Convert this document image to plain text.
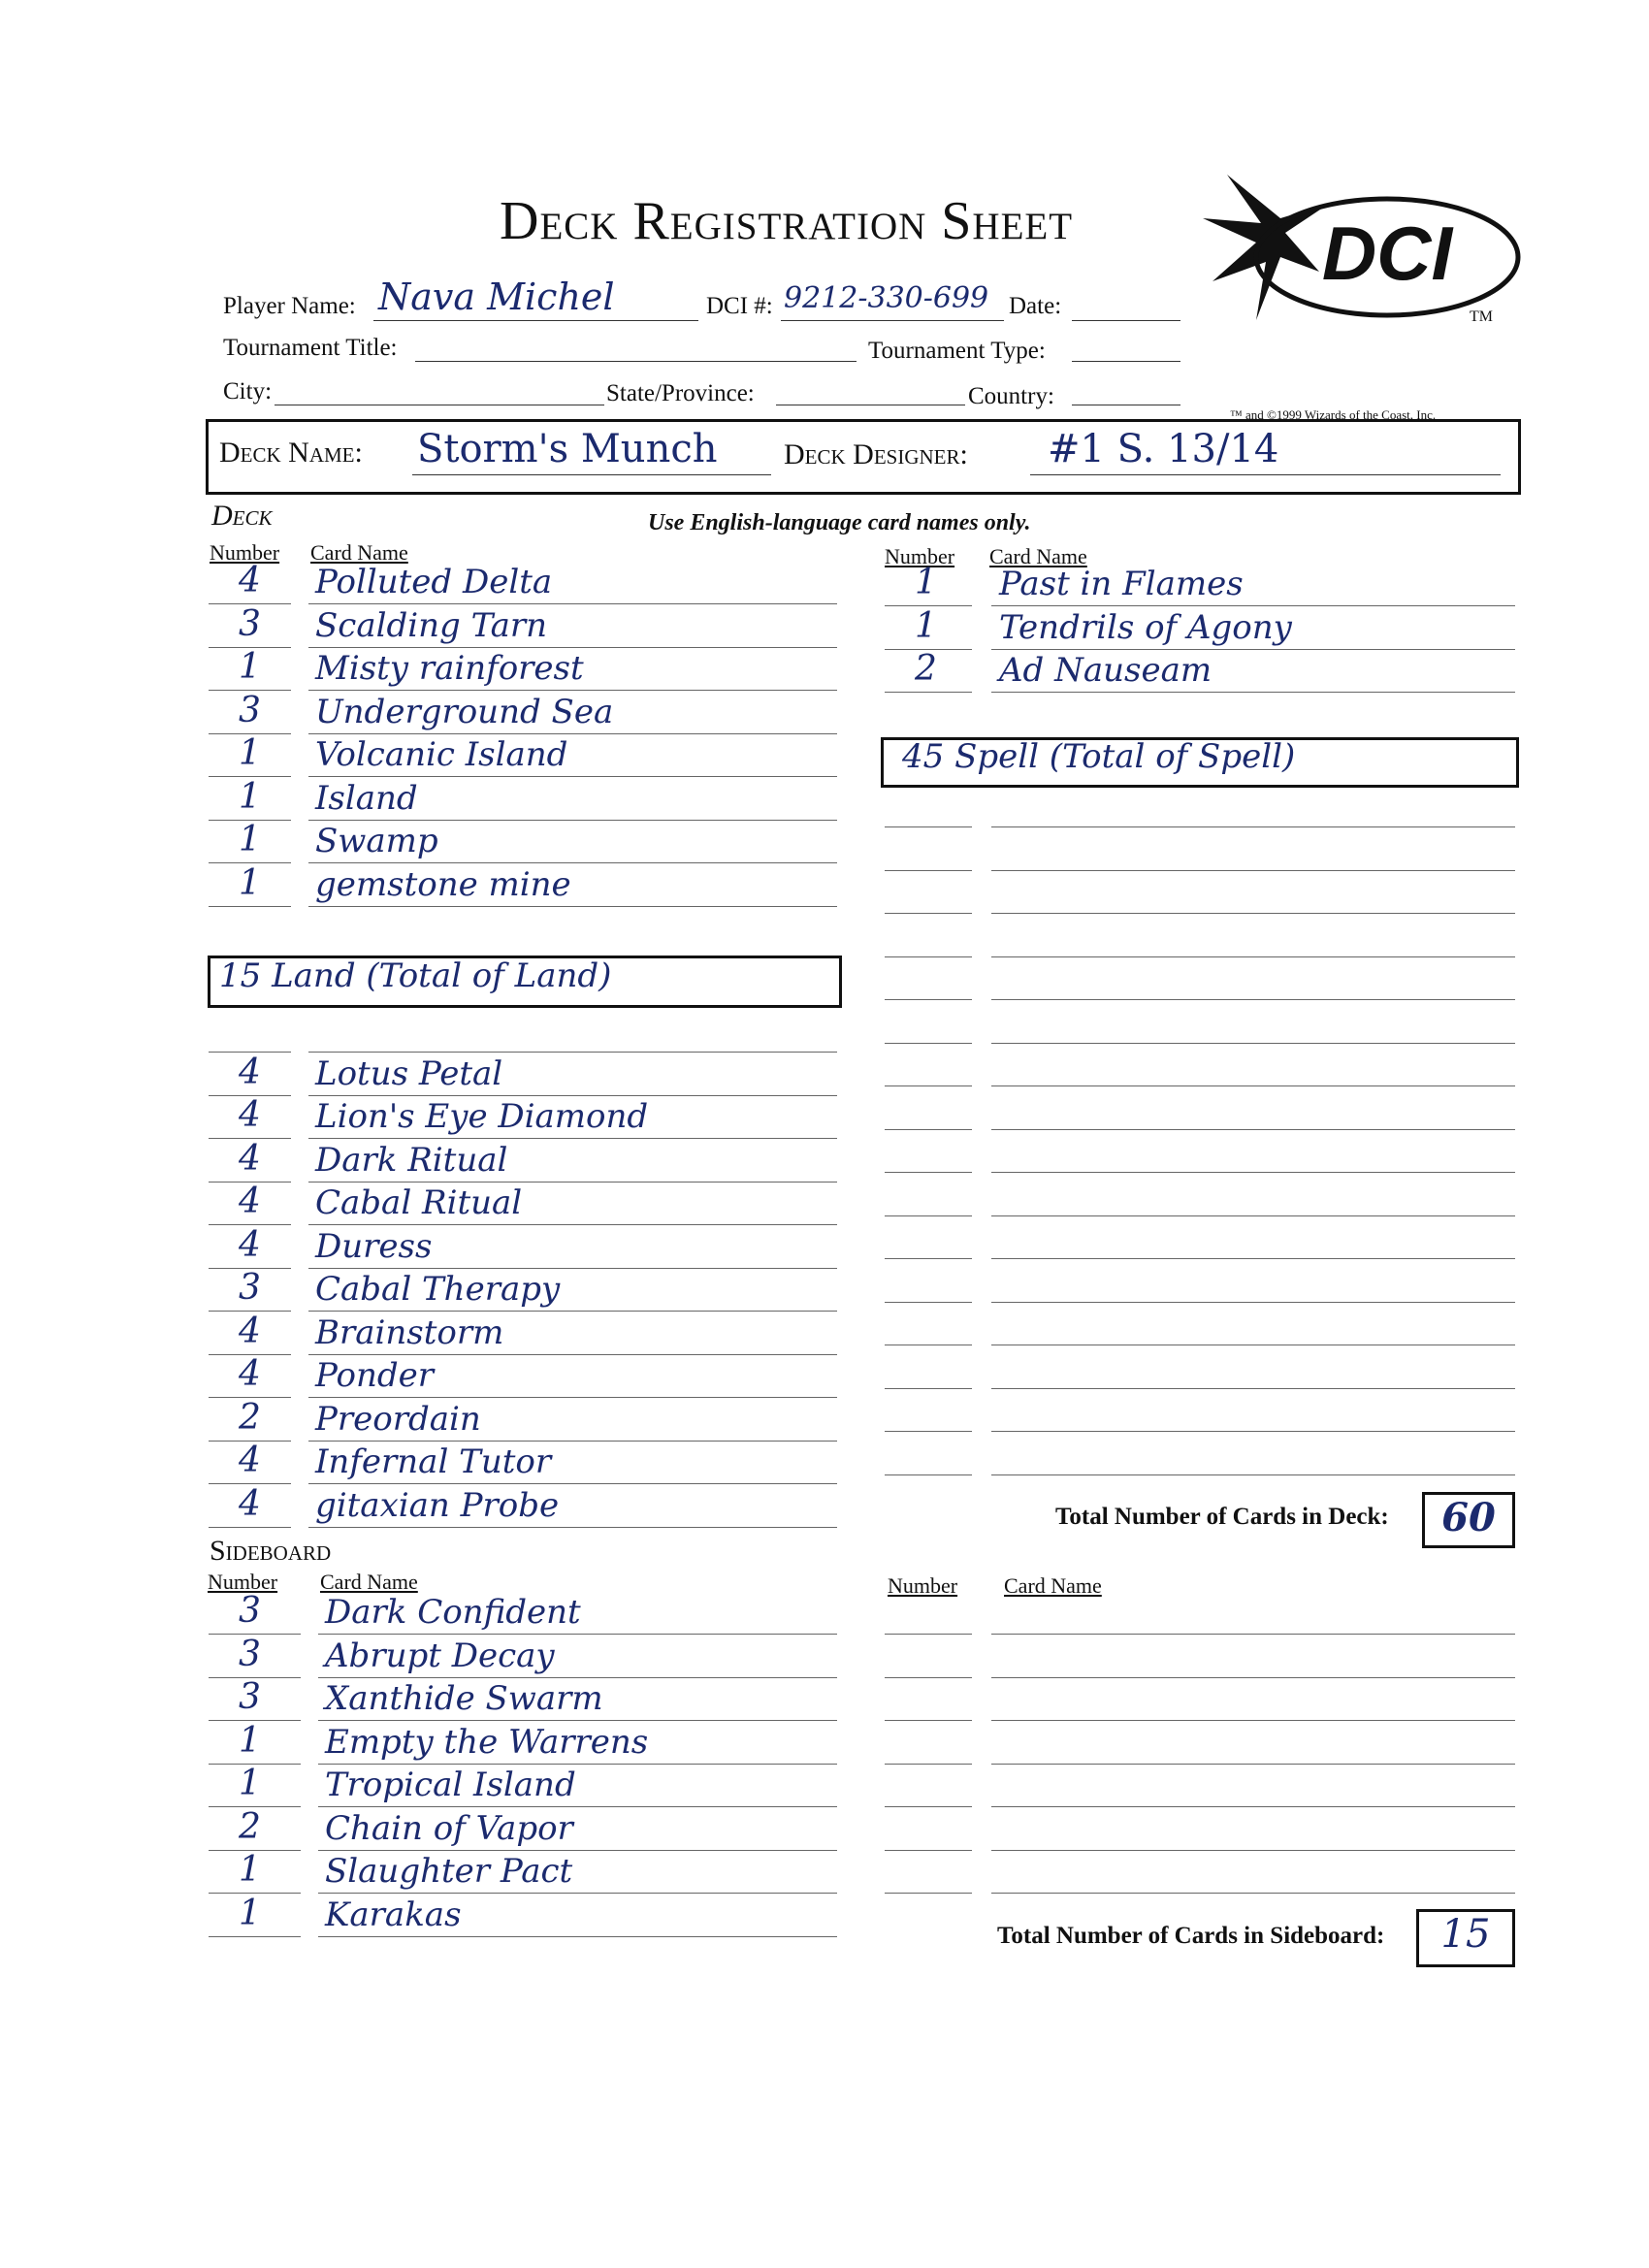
Deck Registration Sheet	DCI
TM
™ and ©1999 Wizards of the Coast, Inc.
Player Name: Nava Michel	DCI #: 9212-330-699 Date:
Tournament Title:	Tournament Type:
City:	State/Province:	Country:
Deck Name: Storm's Munch Deck Designer: #1 S. 13/14
Deck	Use English-language card names only.
Number Card Name	Number Card Name
4	Polluted Delta
3	Scalding Tarn
1	Misty rainforest
3	Underground Sea
1	Volcanic Island
1	Island
1	Swamp
1	gemstone mine
15 Land (Total of Land)
4	Lotus Petal
4	Lion's Eye Diamond
4	Dark Ritual
4	Cabal Ritual
4	Duress
3	Cabal Therapy
4	Brainstorm
4	Ponder
2	Preordain
4	Infernal Tutor
4	gitaxian Probe
1	Past in Flames
1	Tendrils of Agony
2	Ad Nauseam
45 Spell (Total of Spell)
Total Number of Cards in Deck:	60
Sideboard
Number Card Name	Number Card Name
3	Dark Confident
3	Abrupt Decay
3	Xanthide Swarm
1	Empty the Warrens
1	Tropical Island
2	Chain of Vapor
1	Slaughter Pact
1	Karakas
Total Number of Cards in Sideboard:	15
